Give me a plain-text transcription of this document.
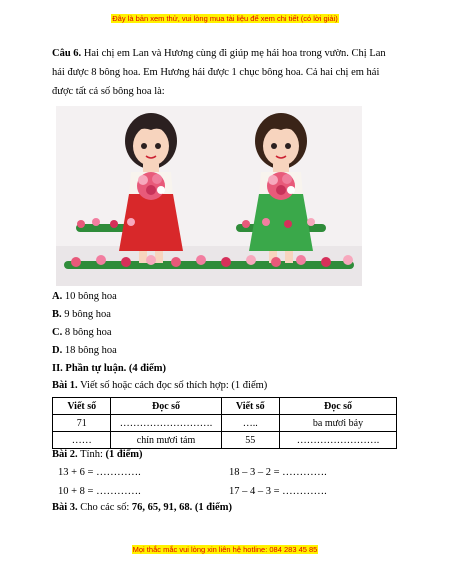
Đây là bản xem thử, vui lòng mua tài liệu để xem chi tiết (có lời giải)
Câu 6. Hai chị em Lan và Hương cùng đi giúp mẹ hái hoa trong vườn. Chị Lan hái được 8 bông hoa. Em Hương hái được 1 chục bông hoa. Cả hai chị em hái được tất cả số bông hoa là:
A. 10 bông hoa
B. 9 bông hoa
C. 8 bông hoa
D. 18 bông hoa
II. Phần tự luận. (4 điểm)
Bài 1. Viết số hoặc cách đọc số thích hợp: (1 điểm)
Viết số	Đọc số	Viết số	Đọc số
71	……………………….	…..	ba mươi bảy
……	chín mươi tám	55	…………………….
Bài 2. Tính: (1 điểm)
13 + 6 = ………….	18 – 3 – 2 = ………….
10 + 8 = ………….	17 – 4 – 3 = ………….
Bài 3. Cho các số: 76, 65, 91, 68. (1 điểm)
Mọi thắc mắc vui lòng xin liên hệ hotline: 084 283 45 85
